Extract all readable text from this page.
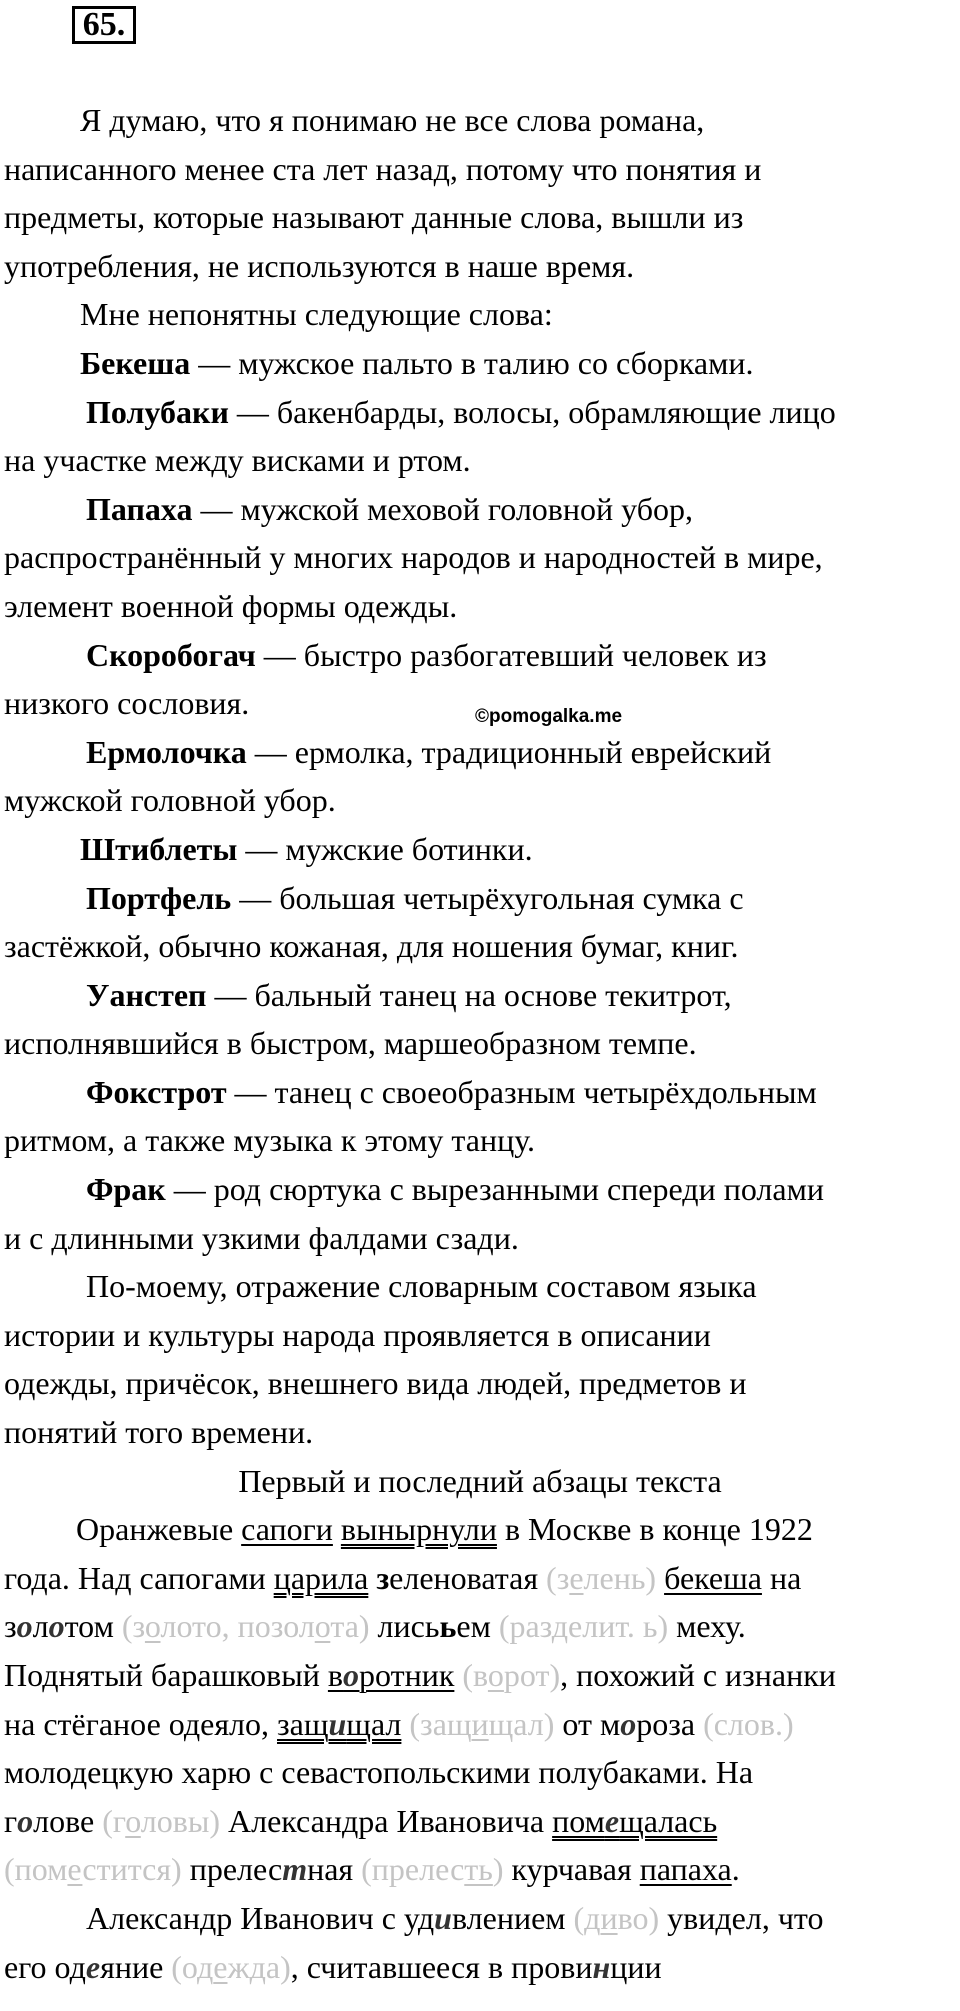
65.
©pomogalka.me
Я думаю, что я понимаю не все слова романа,
написанного менее ста лет назад, потому что понятия и
предметы, которые называют данные слова, вышли из
употребления, не используются в наше время.
Мне непонятны следующие слова:
Бекеша — мужское пальто в талию со сборками.
Полубаки — бакенбарды, волосы, обрамляющие лицо
на участке между висками и ртом.
Папаха — мужской меховой головной убор,
распространённый у многих народов и народностей в мире,
элемент военной формы одежды.
Скоробогач — быстро разбогатевший человек из
низкого сословия.
Ермолочка — ермолка, традиционный еврейский
мужской головной убор.
Штиблеты — мужские ботинки.
Портфель — большая четырёхугольная сумка с
застёжкой, обычно кожаная, для ношения бумаг, книг.
Уанстеп — бальный танец на основе текитрот,
исполнявшийся в быстром, маршеобразном темпе.
Фокстрот — танец с своеобразным четырёхдольным
ритмом, а также музыка к этому танцу.
Фрак — род сюртука с вырезанными спереди полами
и с длинными узкими фалдами сзади.
По-моему, отражение словарным составом языка
истории и культуры народа проявляется в описании
одежды, причёсок, внешнего вида людей, предметов и
понятий того времени.
Первый и последний абзацы текста
Оранжевые сапоги вынырнули в Москве в конце 1922
года. Над сапогами царила зеленоватая (зелень) бекеша на
золотом (золото, позолота) лисььем (разделит. ь) меху.
Поднятый барашковый воротник (ворот), похожий с изнанки
на стёганое одеяло, защищал (защищал) от мороза (слов.)
молодецкую харю с севастопольскими полубаками. На
голове (головы) Александра Ивановича помещалась
(поместится) прелестная (прелесть) курчавая папаха.
Александр Иванович с удивлением (диво) увидел, что
его одеяние (одежда), считавшееся в провинции
